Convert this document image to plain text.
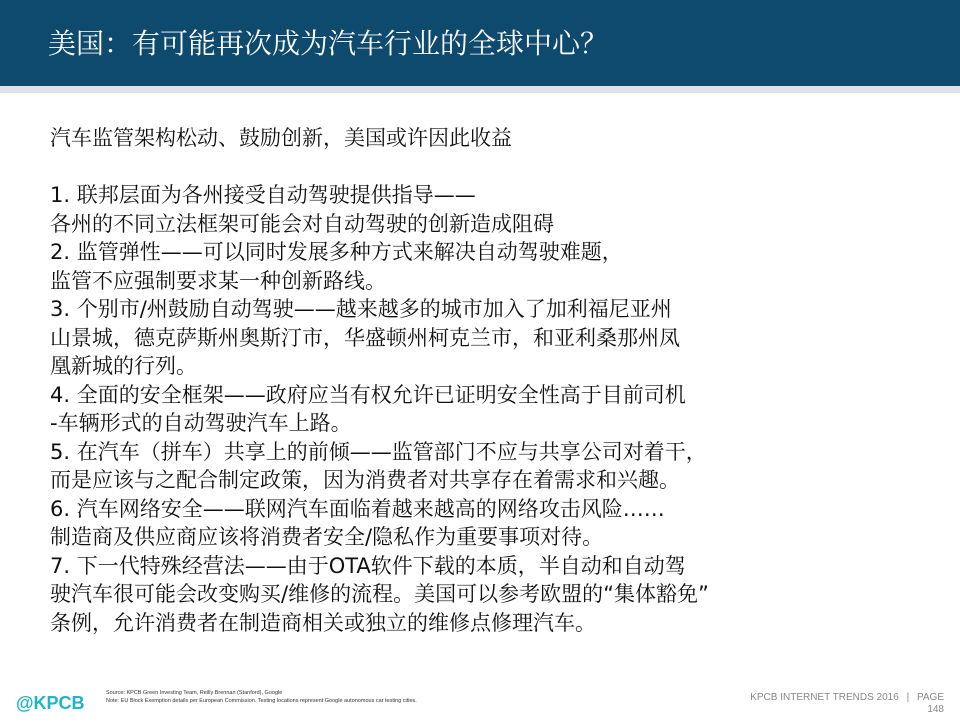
美国：有可能再次成为汽车行业的全球中心？
汽车监管架构松动、鼓励创新，美国或许因此收益
1. 联邦层面为各州接受自动驾驶提供指导——
各州的不同立法框架可能会对自动驾驶的创新造成阻碍
2. 监管弹性——可以同时发展多种方式来解决自动驾驶难题，
监管不应强制要求某一种创新路线。
3. 个别市/州鼓励自动驾驶——越来越多的城市加入了加利福尼亚州
山景城，德克萨斯州奥斯汀市，华盛顿州柯克兰市，和亚利桑那州凤
凰新城的行列。
4. 全面的安全框架——政府应当有权允许已证明安全性高于目前司机
-车辆形式的自动驾驶汽车上路。
5. 在汽车（拼车）共享上的前倾——监管部门不应与共享公司对着干，
而是应该与之配合制定政策，因为消费者对共享存在着需求和兴趣。
6. 汽车网络安全——联网汽车面临着越来越高的网络攻击风险……
制造商及供应商应该将消费者安全/隐私作为重要事项对待。
7. 下一代特殊经营法——由于OTA软件下载的本质，半自动和自动驾
驶汽车很可能会改变购买/维修的流程。美国可以参考欧盟的“集体豁免”
条例，允许消费者在制造商相关或独立的维修点修理汽车。
@KPCB	Source: KPCB Green Investing Team, Reilly Brennan (Stanford), Google
Note: EU Block Exemption details per European Commission. Testing locations represent Google autonomous car testing cities.	KPCB INTERNET TRENDS 2016 | PAGE
148
